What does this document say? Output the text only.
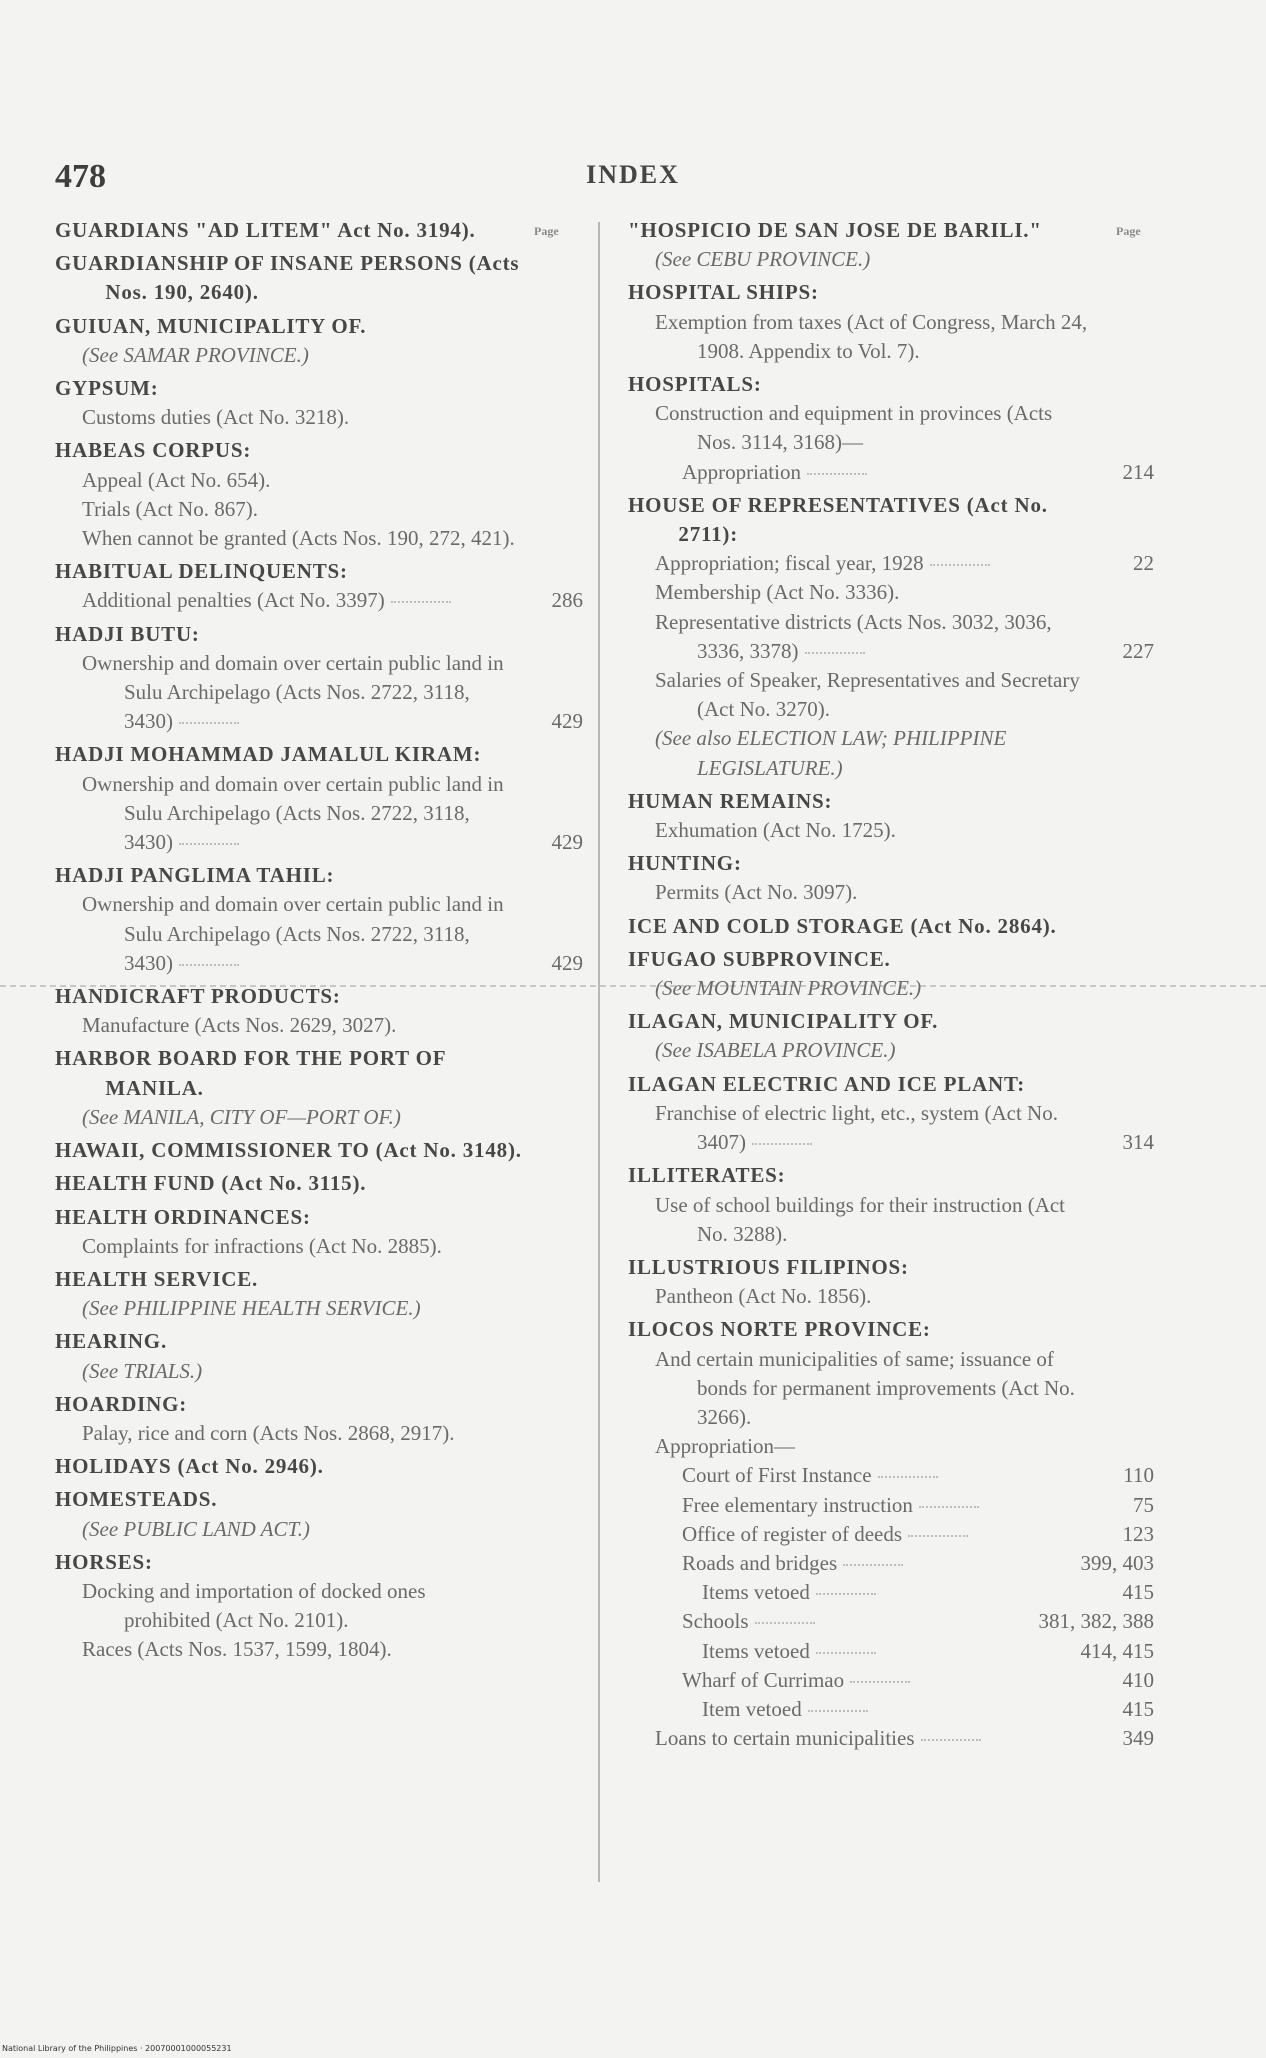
478	INDEX
Page	Page
GUARDIANS "AD LITEM" Act No. 3194).
GUARDIANSHIP OF INSANE PERSONS (Acts Nos. 190, 2640).
GUIUAN, MUNICIPALITY OF.
(See SAMAR PROVINCE.)
GYPSUM:
Customs duties (Act No. 3218).
HABEAS CORPUS:
Appeal (Act No. 654).
Trials (Act No. 867).
When cannot be granted (Acts Nos. 190, 272, 421).
HABITUAL DELINQUENTS:
Additional penalties (Act No. 3397)	286
HADJI BUTU:
Ownership and domain over certain public land in Sulu Archipelago (Acts Nos. 2722, 3118, 3430)	429
HADJI MOHAMMAD JAMALUL KIRAM:
Ownership and domain over certain public land in Sulu Archipelago (Acts Nos. 2722, 3118, 3430)	429
HADJI PANGLIMA TAHIL:
Ownership and domain over certain public land in Sulu Archipelago (Acts Nos. 2722, 3118, 3430)	429
HANDICRAFT PRODUCTS:
Manufacture (Acts Nos. 2629, 3027).
HARBOR BOARD FOR THE PORT OF MANILA.
(See MANILA, CITY OF—PORT OF.)
HAWAII, COMMISSIONER TO (Act No. 3148).
HEALTH FUND (Act No. 3115).
HEALTH ORDINANCES:
Complaints for infractions (Act No. 2885).
HEALTH SERVICE.
(See PHILIPPINE HEALTH SERVICE.)
HEARING.
(See TRIALS.)
HOARDING:
Palay, rice and corn (Acts Nos. 2868, 2917).
HOLIDAYS (Act No. 2946).
HOMESTEADS.
(See PUBLIC LAND ACT.)
HORSES:
Docking and importation of docked ones prohibited (Act No. 2101).
Races (Acts Nos. 1537, 1599, 1804).
"HOSPICIO DE SAN JOSE DE BARILI."
(See CEBU PROVINCE.)
HOSPITAL SHIPS:
Exemption from taxes (Act of Congress, March 24, 1908. Appendix to Vol. 7).
HOSPITALS:
Construction and equipment in provinces (Acts Nos. 3114, 3168)—
Appropriation	214
HOUSE OF REPRESENTATIVES (Act No. 2711):
Appropriation; fiscal year, 1928	22
Membership (Act No. 3336).
Representative districts (Acts Nos. 3032, 3036, 3336, 3378)	227
Salaries of Speaker, Representatives and Secretary (Act No. 3270).
(See also ELECTION LAW; PHILIPPINE LEGISLATURE.)
HUMAN REMAINS:
Exhumation (Act No. 1725).
HUNTING:
Permits (Act No. 3097).
ICE AND COLD STORAGE (Act No. 2864).
IFUGAO SUBPROVINCE.
(See MOUNTAIN PROVINCE.)
ILAGAN, MUNICIPALITY OF.
(See ISABELA PROVINCE.)
ILAGAN ELECTRIC AND ICE PLANT:
Franchise of electric light, etc., system (Act No. 3407)	314
ILLITERATES:
Use of school buildings for their instruction (Act No. 3288).
ILLUSTRIOUS FILIPINOS:
Pantheon (Act No. 1856).
ILOCOS NORTE PROVINCE:
And certain municipalities of same; issuance of bonds for permanent improvements (Act No. 3266).
Appropriation—
Court of First Instance	110
Free elementary instruction	75
Office of register of deeds	123
Roads and bridges	399, 403
Items vetoed	415
Schools	381, 382, 388
Items vetoed	414, 415
Wharf of Currimao	410
Item vetoed	415
Loans to certain municipalities	349
National Library of the Philippines · 20070001000055231
